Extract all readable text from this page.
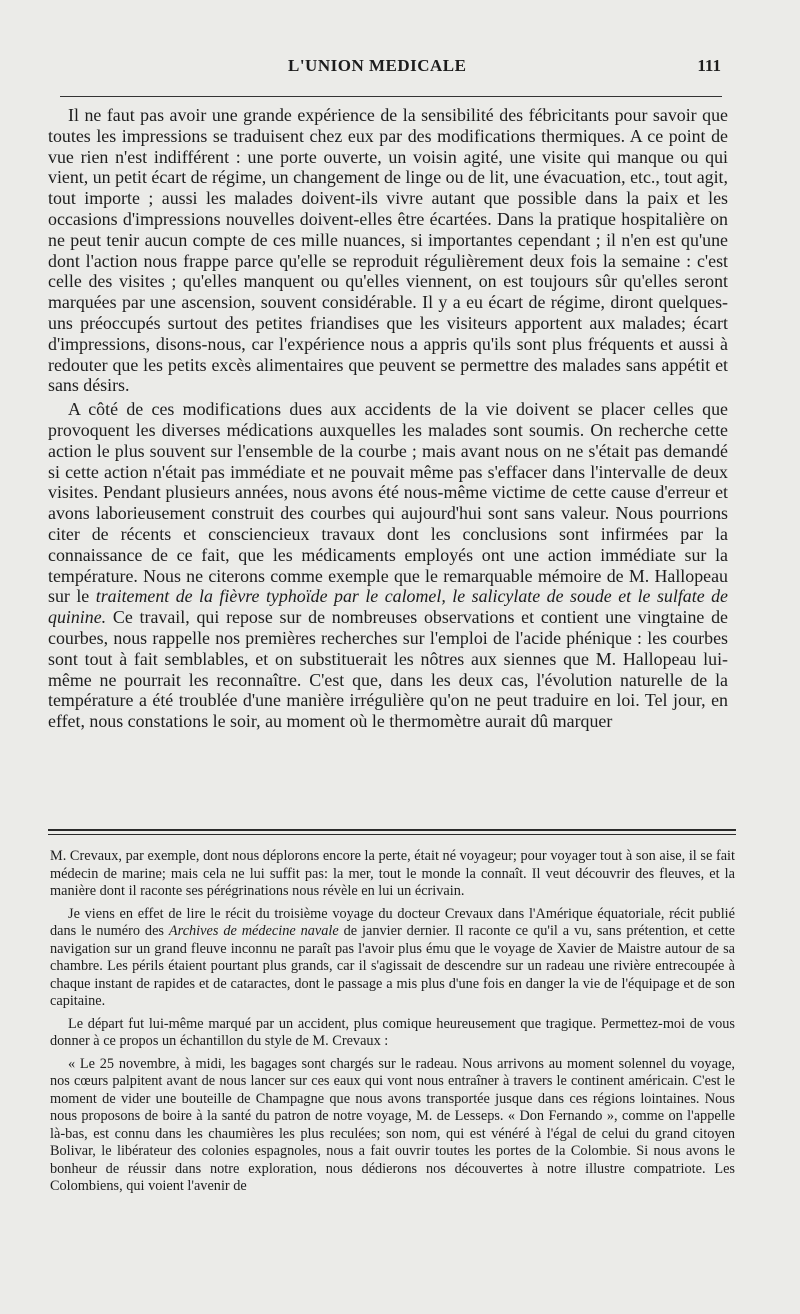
L'UNION MEDICALE	111

Il ne faut pas avoir une grande expérience de la sensibilité des fébricitants pour savoir que toutes les impressions se traduisent chez eux par des modifications thermiques. A ce point de vue rien n'est indifférent : une porte ouverte, un voisin agité, une visite qui manque ou qui vient, un petit écart de régime, un changement de linge ou de lit, une évacuation, etc., tout agit, tout importe ; aussi les malades doivent-ils vivre autant que possible dans la paix et les occasions d'impressions nouvelles doivent-elles être écartées. Dans la pratique hospitalière on ne peut tenir aucun compte de ces mille nuances, si importantes cependant ; il n'en est qu'une dont l'action nous frappe parce qu'elle se reproduit régulièrement deux fois la semaine : c'est celle des visites ; qu'elles manquent ou qu'elles viennent, on est toujours sûr qu'elles seront marquées par une ascension, souvent considérable. Il y a eu écart de régime, diront quelques-uns préoccupés surtout des petites friandises que les visiteurs apportent aux malades; écart d'impressions, disons-nous, car l'expérience nous a appris qu'ils sont plus fréquents et aussi à redouter que les petits excès alimentaires que peuvent se permettre des malades sans appétit et sans désirs.

A côté de ces modifications dues aux accidents de la vie doivent se placer celles que provoquent les diverses médications auxquelles les malades sont soumis. On recherche cette action le plus souvent sur l'ensemble de la courbe ; mais avant nous on ne s'était pas demandé si cette action n'était pas immédiate et ne pouvait même pas s'effacer dans l'intervalle de deux visites. Pendant plusieurs années, nous avons été nous-même victime de cette cause d'erreur et avons laborieusement construit des courbes qui aujourd'hui sont sans valeur. Nous pourrions citer de récents et consciencieux travaux dont les conclusions sont infirmées par la connaissance de ce fait, que les médicaments employés ont une action immédiate sur la température. Nous ne citerons comme exemple que le remarquable mémoire de M. Hallopeau sur le traitement de la fièvre typhoïde par le calomel, le salicylate de soude et le sulfate de quinine. Ce travail, qui repose sur de nombreuses observations et contient une vingtaine de courbes, nous rappelle nos premières recherches sur l'emploi de l'acide phénique : les courbes sont tout à fait semblables, et on substituerait les nôtres aux siennes que M. Hallopeau lui-même ne pourrait les reconnaître. C'est que, dans les deux cas, l'évolution naturelle de la température a été troublée d'une manière irrégulière qu'on ne peut traduire en loi. Tel jour, en effet, nous constations le soir, au moment où le thermomètre aurait dû marquer

M. Crevaux, par exemple, dont nous déplorons encore la perte, était né voyageur; pour voyager tout à son aise, il se fait médecin de marine; mais cela ne lui suffit pas: la mer, tout le monde la connaît. Il veut découvrir des fleuves, et la manière dont il raconte ses pérégrinations nous révèle en lui un écrivain.

Je viens en effet de lire le récit du troisième voyage du docteur Crevaux dans l'Amérique équatoriale, récit publié dans le numéro des Archives de médecine navale de janvier dernier. Il raconte ce qu'il a vu, sans prétention, et cette navigation sur un grand fleuve inconnu ne paraît pas l'avoir plus ému que le voyage de Xavier de Maistre autour de sa chambre. Les périls étaient pourtant plus grands, car il s'agissait de descendre sur un radeau une rivière entrecoupée à chaque instant de rapides et de cataractes, dont le passage a mis plus d'une fois en danger la vie de l'équipage et de son capitaine.

Le départ fut lui-même marqué par un accident, plus comique heureusement que tragique. Permettez-moi de vous donner à ce propos un échantillon du style de M. Crevaux :

« Le 25 novembre, à midi, les bagages sont chargés sur le radeau. Nous arrivons au moment solennel du voyage, nos cœurs palpitent avant de nous lancer sur ces eaux qui vont nous entraîner à travers le continent américain. C'est le moment de vider une bouteille de Champagne que nous avons transportée jusque dans ces régions lointaines. Nous nous proposons de boire à la santé du patron de notre voyage, M. de Lesseps. « Don Fernando », comme on l'appelle là-bas, est connu dans les chaumières les plus reculées; son nom, qui est vénéré à l'égal de celui du grand citoyen Bolivar, le libérateur des colonies espagnoles, nous a fait ouvrir toutes les portes de la Colombie. Si nous avons le bonheur de réussir dans notre exploration, nous dédierons nos découvertes à notre illustre compatriote. Les Colombiens, qui voient l'avenir de
